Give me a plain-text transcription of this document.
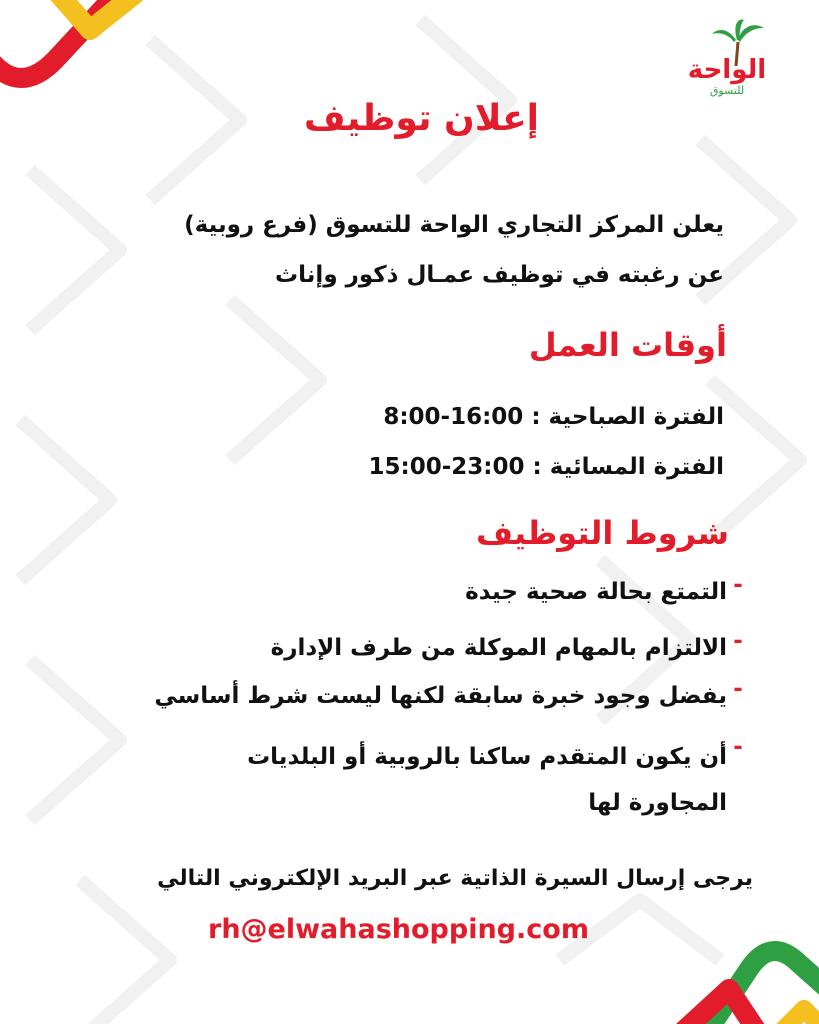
الواحة
للتسوق
إعلان توظيف
يعلن المركز التجاري الواحة للتسوق (فرع روبية)
عن رغبته في توظيف عمـال ذكور وإناث
أوقات العمل
الفترة الصباحية : 8:00-16:00
الفترة المسائية : 15:00-23:00
شروط التوظيف
-
التمتع بحالة صحية جيدة
-
الالتزام بالمهام الموكلة من طرف الإدارة
-
يفضل وجود خبرة سابقة لكنها ليست شرط أساسي
-
أن يكون المتقدم ساكنا بالروبية أو البلديات المجاورة لها
يرجى إرسال السيرة الذاتية عبر البريد الإلكتروني التالي
rh@elwahashopping.com
